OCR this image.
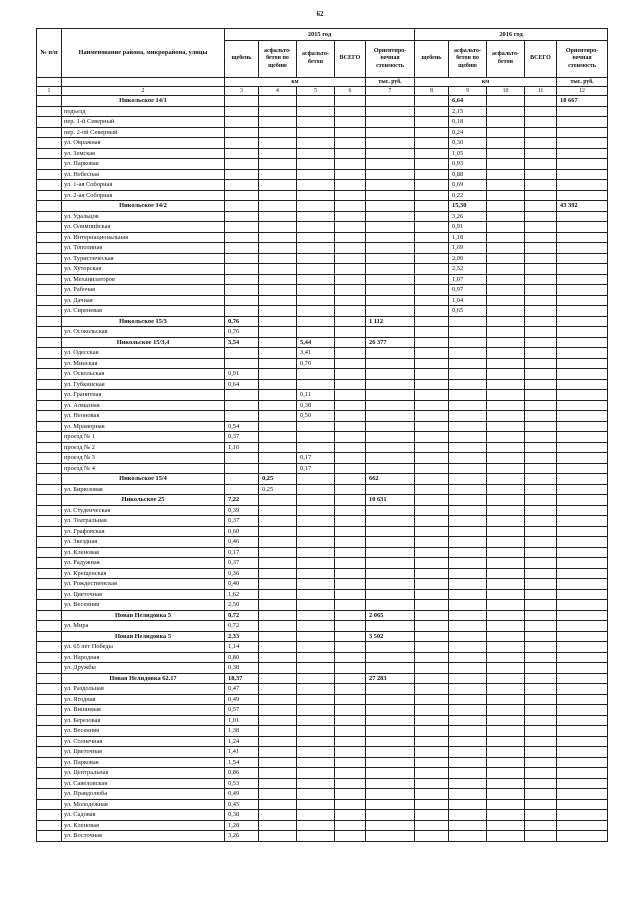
62
№ п/п	Наименование района, микрорайона, улицы	2015 год					2016 год				
		щебень	асфальто-бетон по щебню	асфальто-бетон	ВСЕГО	Ориентиро-вочная стоимость	щебень	асфальто-бетон по щебню	асфальто-бетон	ВСЕГО	Ориентиро-вочная стоимость
		км				тыс. руб.	км				тыс. руб.
1	2	3	4	5	6	7	8	9	10	11	12
	Никольское 14/1							6,64			18 667
	подъезд							2,15			
	пер. 1-й Северный							0,18			
	пер. 2-ой Северный							0,24			
	ул. Овражная							0,30			
	ул. Земская							1,05			
	ул. Парковая							0,93			
	ул. Небесная							0,88			
	ул. 1-ая Соборная							0,69			
	ул. 2-ая Соборная							0,22			
	Никольское 14/2							15,30			43 392
	ул. Удальцов							3,26			
	ул. Олимпийская							0,91			
	ул. Интернациональная							1,18			
	ул. Тополиная							1,69			
	ул. Туристическая							2,00			
	ул. Хуторская							2,52			
	ул. Механизаторов							1,07			
	ул. Рабочая							0,97			
	ул. Дачная							1,04			
	ул. Сиреневая							0,65			
	Никольское 15/3	0,76				1 112					
	ул. Осокольская	0,76									
	Никольское 15/3,4	3,54		5,44		26 377					
	ул. Одесская			3,41							
	ул. Минская			0,70							
	ул. Оскольская	0,91									
	ул. Губкинская	0,64									
	ул. Гранитная			0,11							
	ул. Алмазная			0,38							
	ул. Неоновая			0,50							
	ул. Мраморная	0,54									
	проезд № 1	0,37									
	проезд № 2	1,10									
	проезд № 3			0,17							
	проезд № 4			0,17							
	Никольское 15/4		0,25			662					
	ул. Бирюзовая		0,25								
	Никольское 25	7,22				10 631					
	ул. Студенческая	0,39									
	ул. Театральная	0,37									
	ул. Графовская	0,60									
	ул. Звездная	0,46									
	ул. Кленовая	0,17									
	ул. Радужная	0,37									
	ул. Крещенская	0,36									
	ул. Рождественская	0,40									
	ул. Цветочная	1,62									
	ул. Весенняя	2,50									
	Новая Нелидовка 5	0,72				2 065					
	ул. Мира	0,72									
	Новая Нелидовка 5	2,33				3 502					
	ул. 65 лет Победы	1,14									
	ул. Народная	0,80									
	ул. Дружбы	0,38									
	Новая Нелидовка 62.17	18,37				27 283					
	ул. Раздольная	0,47									
	ул. Ягодная	0,49									
	ул. Вишневая	0,57									
	ул. Березовая	1,01									
	ул. Весенняя	1,38									
	ул. Солнечная	1,24									
	ул. Цветочная	1,41									
	ул. Парковая	1,54									
	ул. Центральная	0,86									
	ул. Савеловская	0,53									
	ул. Правдолюба	0,49									
	ул. Молодежная	0,45									
	ул. Садовая	0,38									
	ул. Кленовая	1,28									
	ул. Восточная	3,26									
